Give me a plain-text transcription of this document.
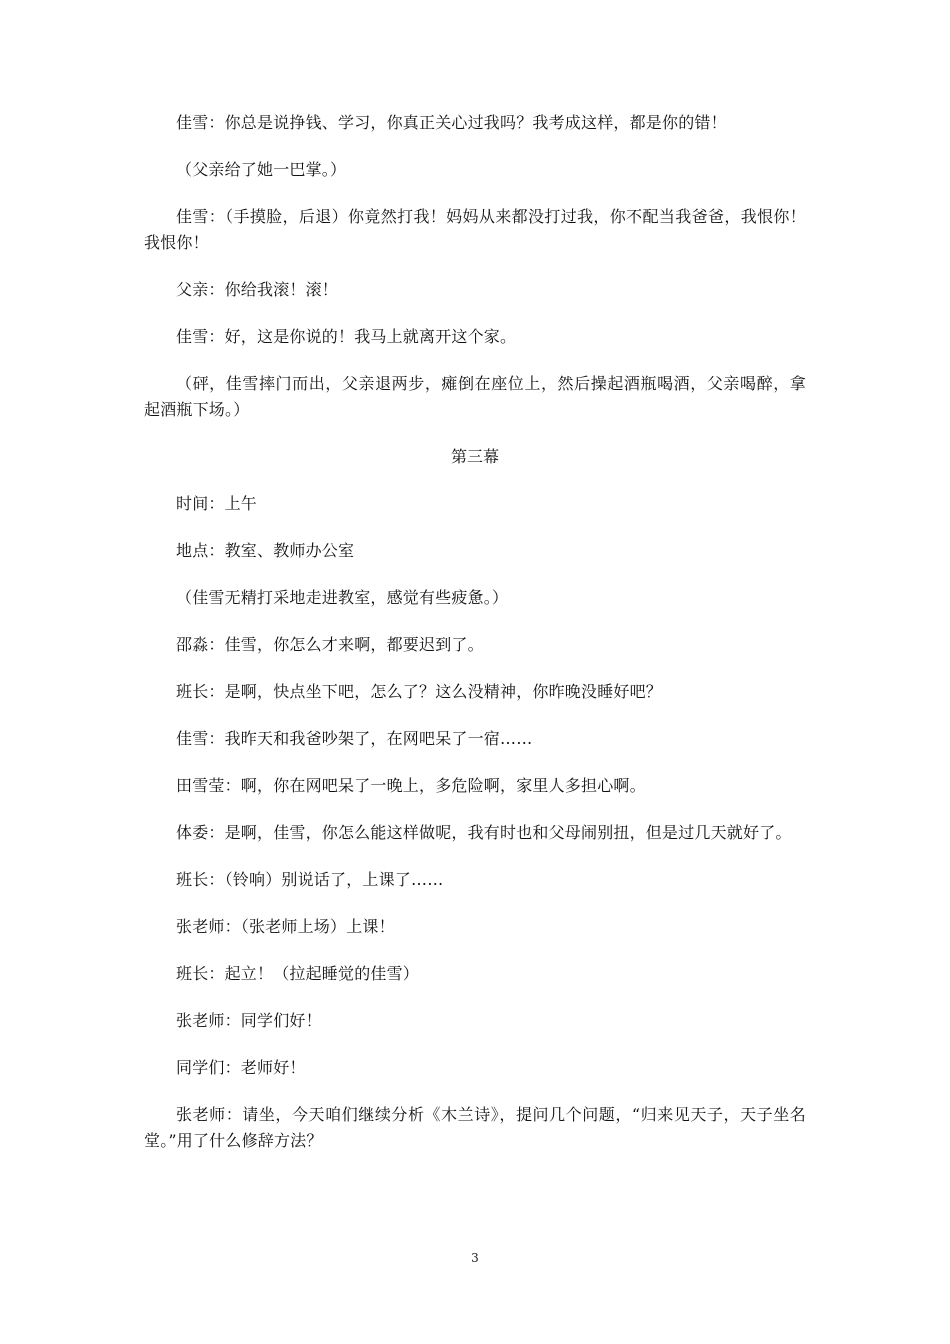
佳雪：你总是说挣钱、学习，你真正关心过我吗？我考成这样，都是你的错！

（父亲给了她一巴掌。）

佳雪：（手摸脸，后退）你竟然打我！妈妈从来都没打过我，你不配当我爸爸，我恨你！我恨你！

父亲：你给我滚！滚！

佳雪：好，这是你说的！我马上就离开这个家。

（砰，佳雪摔门而出，父亲退两步，瘫倒在座位上，然后操起酒瓶喝酒，父亲喝醉，拿起酒瓶下场。）

第三幕

时间：上午

地点：教室、教师办公室

（佳雪无精打采地走进教室，感觉有些疲惫。）

邵淼：佳雪，你怎么才来啊，都要迟到了。

班长：是啊，快点坐下吧，怎么了？这么没精神，你昨晚没睡好吧？

佳雪：我昨天和我爸吵架了，在网吧呆了一宿……

田雪莹：啊，你在网吧呆了一晚上，多危险啊，家里人多担心啊。

体委：是啊，佳雪，你怎么能这样做呢，我有时也和父母闹别扭，但是过几天就好了。

班长：（铃响）别说话了，上课了……

张老师：（张老师上场）上课！

班长：起立！（拉起睡觉的佳雪）

张老师：同学们好！

同学们：老师好！

张老师：请坐，今天咱们继续分析《木兰诗》，提问几个问题，“归来见天子，天子坐名堂。”用了什么修辞方法？

3
